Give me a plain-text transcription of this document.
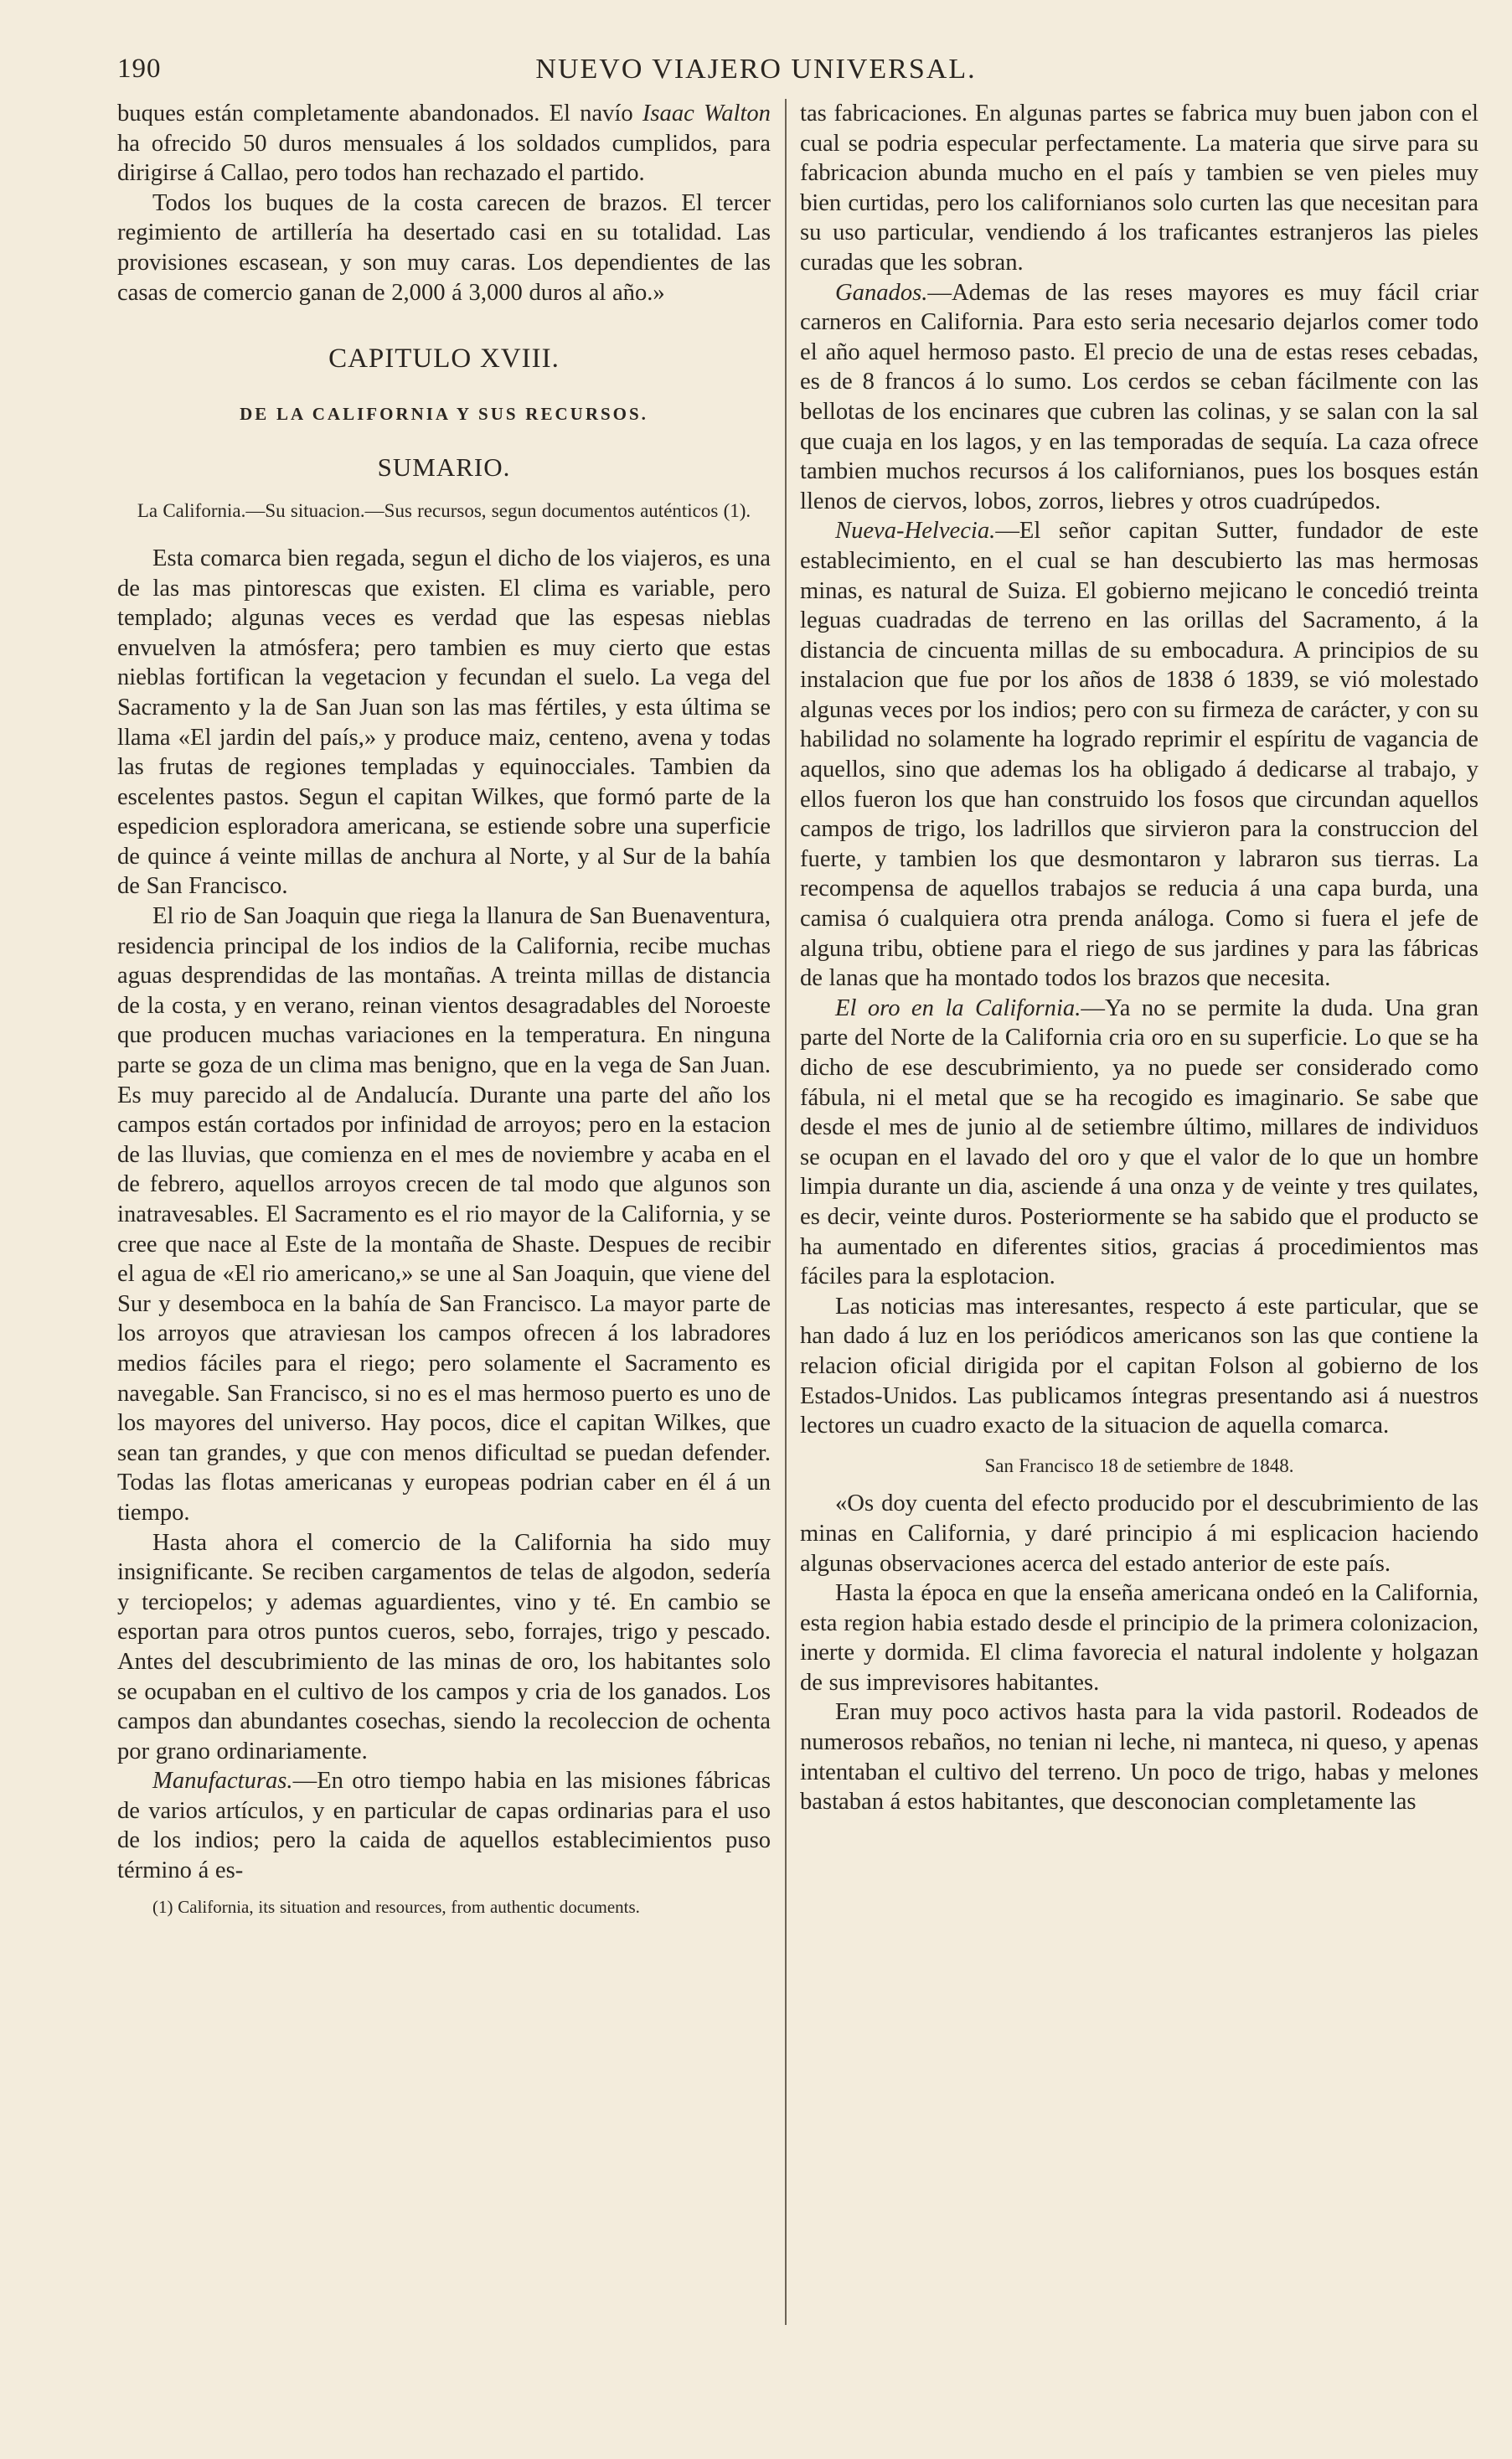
190	NUEVO VIAJERO UNIVERSAL.

buques están completamente abandonados. El navío Isaac Walton ha ofrecido 50 duros mensuales á los soldados cumplidos, para dirigirse á Callao, pero todos han rechazado el partido.

Todos los buques de la costa carecen de brazos. El tercer regimiento de artillería ha desertado casi en su totalidad. Las provisiones escasean, y son muy caras. Los dependientes de las casas de comercio ganan de 2,000 á 3,000 duros al año.»

CAPITULO XVIII.
DE LA CALIFORNIA Y SUS RECURSOS.
SUMARIO.
La California.—Su situacion.—Sus recursos, segun documentos auténticos (1).

Esta comarca bien regada, segun el dicho de los viajeros, es una de las mas pintorescas que existen. El clima es variable, pero templado; algunas veces es verdad que las espesas nieblas envuelven la atmósfera; pero tambien es muy cierto que estas nieblas fortifican la vegetacion y fecundan el suelo. La vega del Sacramento y la de San Juan son las mas fértiles, y esta última se llama «El jardin del país,» y produce maiz, centeno, avena y todas las frutas de regiones templadas y equinocciales. Tambien da escelentes pastos. Segun el capitan Wilkes, que formó parte de la espedicion esploradora americana, se estiende sobre una superficie de quince á veinte millas de anchura al Norte, y al Sur de la bahía de San Francisco.

El rio de San Joaquin que riega la llanura de San Buenaventura, residencia principal de los indios de la California, recibe muchas aguas desprendidas de las montañas. A treinta millas de distancia de la costa, y en verano, reinan vientos desagradables del Noroeste que producen muchas variaciones en la temperatura. En ninguna parte se goza de un clima mas benigno, que en la vega de San Juan. Es muy parecido al de Andalucía. Durante una parte del año los campos están cortados por infinidad de arroyos; pero en la estacion de las lluvias, que comienza en el mes de noviembre y acaba en el de febrero, aquellos arroyos crecen de tal modo que algunos son inatravesables. El Sacramento es el rio mayor de la California, y se cree que nace al Este de la montaña de Shaste. Despues de recibir el agua de «El rio americano,» se une al San Joaquin, que viene del Sur y desemboca en la bahía de San Francisco. La mayor parte de los arroyos que atraviesan los campos ofrecen á los labradores medios fáciles para el riego; pero solamente el Sacramento es navegable. San Francisco, si no es el mas hermoso puerto es uno de los mayores del universo. Hay pocos, dice el capitan Wilkes, que sean tan grandes, y que con menos dificultad se puedan defender. Todas las flotas americanas y europeas podrian caber en él á un tiempo.

Hasta ahora el comercio de la California ha sido muy insignificante. Se reciben cargamentos de telas de algodon, sedería y terciopelos; y ademas aguardientes, vino y té. En cambio se esportan para otros puntos cueros, sebo, forrajes, trigo y pescado. Antes del descubrimiento de las minas de oro, los habitantes solo se ocupaban en el cultivo de los campos y cria de los ganados. Los campos dan abundantes cosechas, siendo la recoleccion de ochenta por grano ordinariamente.

Manufacturas.—En otro tiempo habia en las misiones fábricas de varios artículos, y en particular de capas ordinarias para el uso de los indios; pero la caida de aquellos establecimientos puso término á es-

(1) California, its situation and resources, from authentic documents.

tas fabricaciones. En algunas partes se fabrica muy buen jabon con el cual se podria especular perfectamente. La materia que sirve para su fabricacion abunda mucho en el país y tambien se ven pieles muy bien curtidas, pero los californianos solo curten las que necesitan para su uso particular, vendiendo á los traficantes estranjeros las pieles curadas que les sobran.

Ganados.—Ademas de las reses mayores es muy fácil criar carneros en California. Para esto seria necesario dejarlos comer todo el año aquel hermoso pasto. El precio de una de estas reses cebadas, es de 8 francos á lo sumo. Los cerdos se ceban fácilmente con las bellotas de los encinares que cubren las colinas, y se salan con la sal que cuaja en los lagos, y en las temporadas de sequía. La caza ofrece tambien muchos recursos á los californianos, pues los bosques están llenos de ciervos, lobos, zorros, liebres y otros cuadrúpedos.

Nueva-Helvecia.—El señor capitan Sutter, fundador de este establecimiento, en el cual se han descubierto las mas hermosas minas, es natural de Suiza. El gobierno mejicano le concedió treinta leguas cuadradas de terreno en las orillas del Sacramento, á la distancia de cincuenta millas de su embocadura. A principios de su instalacion que fue por los años de 1838 ó 1839, se vió molestado algunas veces por los indios; pero con su firmeza de carácter, y con su habilidad no solamente ha logrado reprimir el espíritu de vagancia de aquellos, sino que ademas los ha obligado á dedicarse al trabajo, y ellos fueron los que han construido los fosos que circundan aquellos campos de trigo, los ladrillos que sirvieron para la construccion del fuerte, y tambien los que desmontaron y labraron sus tierras. La recompensa de aquellos trabajos se reducia á una capa burda, una camisa ó cualquiera otra prenda análoga. Como si fuera el jefe de alguna tribu, obtiene para el riego de sus jardines y para las fábricas de lanas que ha montado todos los brazos que necesita.

El oro en la California.—Ya no se permite la duda. Una gran parte del Norte de la California cria oro en su superficie. Lo que se ha dicho de ese descubrimiento, ya no puede ser considerado como fábula, ni el metal que se ha recogido es imaginario. Se sabe que desde el mes de junio al de setiembre último, millares de individuos se ocupan en el lavado del oro y que el valor de lo que un hombre limpia durante un dia, asciende á una onza y de veinte y tres quilates, es decir, veinte duros. Posteriormente se ha sabido que el producto se ha aumentado en diferentes sitios, gracias á procedimientos mas fáciles para la esplotacion.

Las noticias mas interesantes, respecto á este particular, que se han dado á luz en los periódicos americanos son las que contiene la relacion oficial dirigida por el capitan Folson al gobierno de los Estados-Unidos. Las publicamos íntegras presentando asi á nuestros lectores un cuadro exacto de la situacion de aquella comarca.

San Francisco 18 de setiembre de 1848.

«Os doy cuenta del efecto producido por el descubrimiento de las minas en California, y daré principio á mi esplicacion haciendo algunas observaciones acerca del estado anterior de este país.

Hasta la época en que la enseña americana ondeó en la California, esta region habia estado desde el principio de la primera colonizacion, inerte y dormida. El clima favorecia el natural indolente y holgazan de sus imprevisores habitantes.

Eran muy poco activos hasta para la vida pastoril. Rodeados de numerosos rebaños, no tenian ni leche, ni manteca, ni queso, y apenas intentaban el cultivo del terreno. Un poco de trigo, habas y melones bastaban á estos habitantes, que desconocian completamente las
